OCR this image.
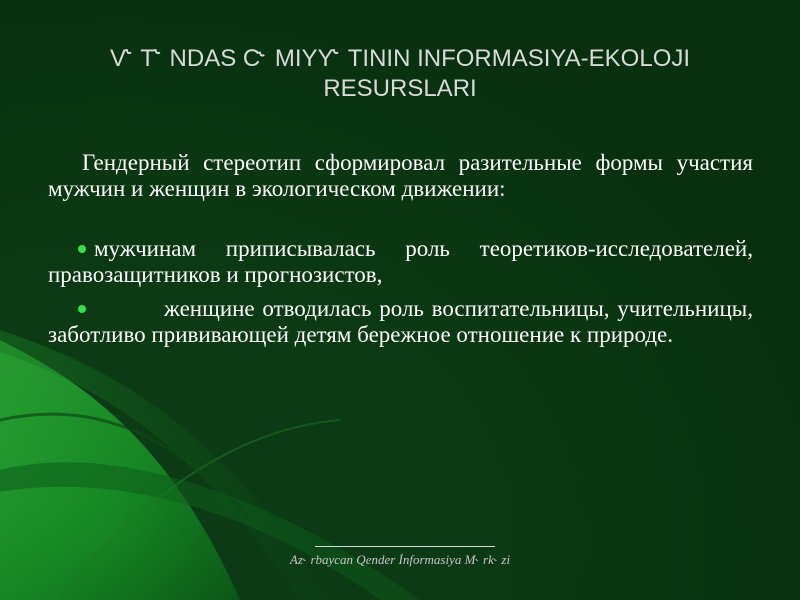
V˞ T˞ NDAS C˞ MIYY˞ TININ INFORMASIYA-EKOLOJI RESURSLARI

Гендерный стереотип сформировал разительные формы участия мужчин и женщин в экологическом движении:

мужчинам приписывалась роль теоретиков-исследователей, правозащитников и прогнозистов,
женщине отводилась роль воспитательницы, учительницы, заботливо прививающей детям бережное отношение к природе.
Az˞ rbaycan Qender İnformasiya M˞ rk˞ zi
